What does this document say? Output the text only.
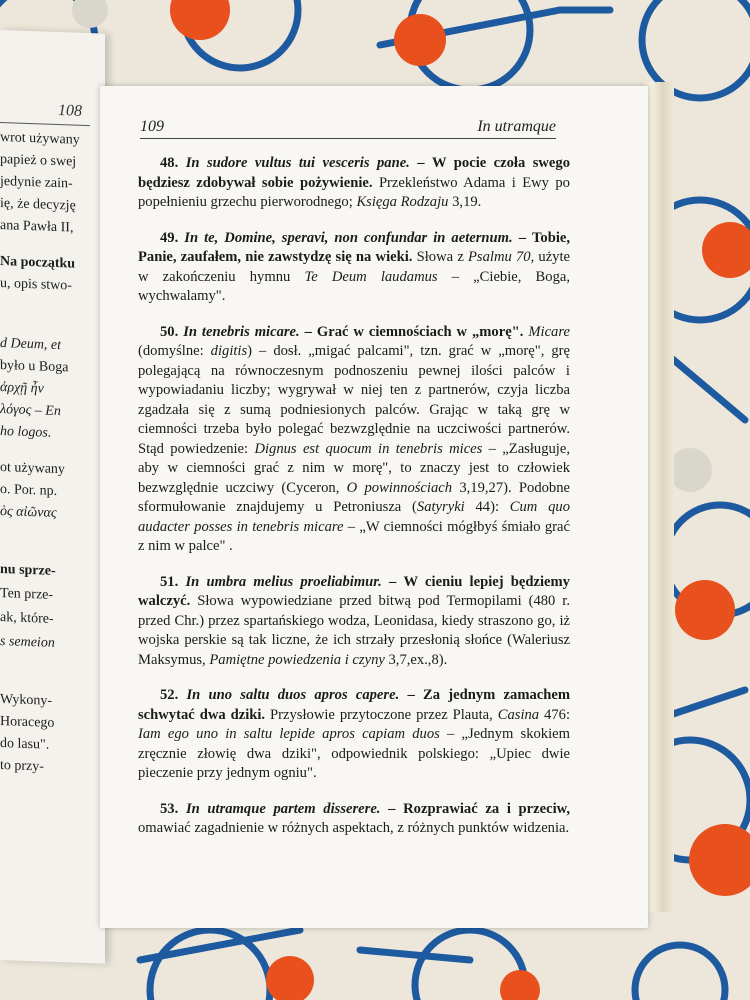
108
wrot używany
papież o swej
jedynie zain-
ię, że decyzję
ana Pawła II,
Na początku
u, opis stwo-
d Deum, et
było u Boga
ἀρχῇ ἦν
λόγος – En
ho logos.
ot używany
o. Por. np.
ὸς αἰῶνας
nu sprze-
Ten prze-
ak, które-
s semeion
Wykony-
Horacego
do lasu".
to przy-
109	In utramque

48. In sudore vultus tui vesceris pane. – W pocie czoła swego będziesz zdobywał sobie pożywienie. Przekleństwo Adama i Ewy po popełnieniu grzechu pierworodnego; Księga Rodzaju 3,19.

49. In te, Domine, speravi, non confundar in aeternum. – Tobie, Panie, zaufałem, nie zawstydzę się na wieki. Słowa z Psalmu 70, użyte w zakończeniu hymnu Te Deum laudamus – „Ciebie, Boga, wychwalamy".

50. In tenebris micare. – Grać w ciemnościach w „morę". Micare (domyślne: digitis) – dosł. „migać palcami", tzn. grać w „morę", grę polegającą na równoczesnym podnoszeniu pewnej ilości palców i wypowiadaniu liczby; wygrywał w niej ten z partnerów, czyja liczba zgadzała się z sumą podniesionych palców. Grając w taką grę w ciemności trzeba było polegać bezwzględnie na uczciwości partnerów. Stąd powiedzenie: Dignus est quocum in tenebris mices – „Zasługuje, aby w ciemności grać z nim w morę", to znaczy jest to człowiek bezwzględnie uczciwy (Cyceron, O powinnościach 3,19,27). Podobne sformułowanie znajdujemy u Petroniusza (Satyryki 44): Cum quo audacter posses in tenebris micare – „W ciemności mógłbyś śmiało grać z nim w palce" .

51. In umbra melius proeliabimur. – W cieniu lepiej będziemy walczyć. Słowa wypowiedziane przed bitwą pod Termopilami (480 r. przed Chr.) przez spartańskiego wodza, Leonidasa, kiedy straszono go, iż wojska perskie są tak liczne, że ich strzały przesłonią słońce (Waleriusz Maksymus, Pamiętne powiedzenia i czyny 3,7,ex.,8).

52. In uno saltu duos apros capere. – Za jednym zamachem schwytać dwa dziki. Przysłowie przytoczone przez Plauta, Casina 476: Iam ego uno in saltu lepide apros capiam duos – „Jednym skokiem zręcznie złowię dwa dziki", odpowiednik polskiego: „Upiec dwie pieczenie przy jednym ogniu".

53. In utramque partem disserere. – Rozprawiać za i przeciw, omawiać zagadnienie w różnych aspektach, z różnych punktów widzenia.
